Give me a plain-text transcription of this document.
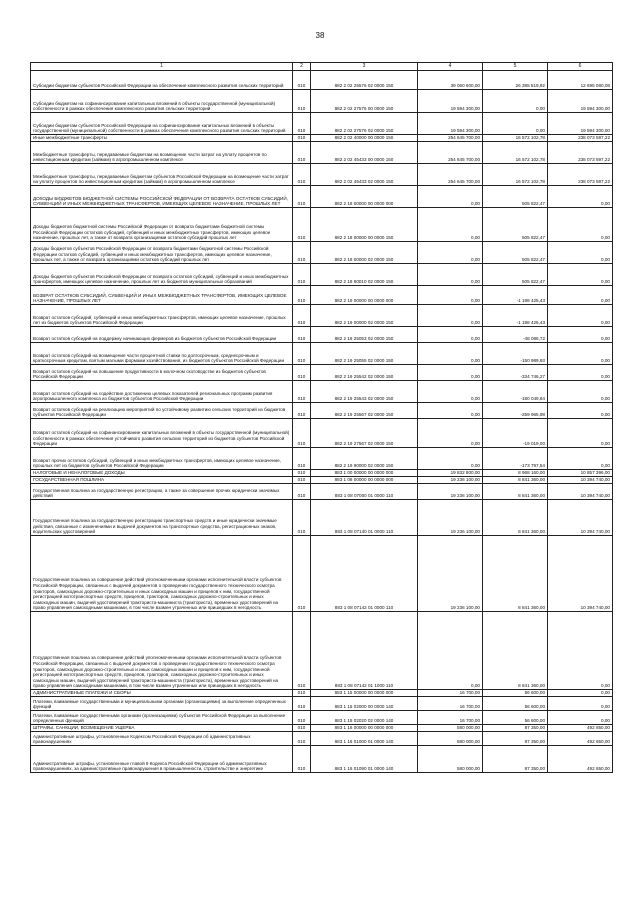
38
1	2	3	4	5	6
Субсидии бюджетам субъектов Российской Федерации на обеспечение комплексного развития сельских территорий	010	882 2 02 25576 02 0000 150	39 060 600,00	26 385 519,92	12 695 080,08
Субсидии бюджетам на софинансирование капитальных вложений в объекты государственной (муниципальной) собственности в рамках обеспечения комплексного развития сельских территорий	010	882 2 02 27576 00 0000 150	19 594 300,00	0,00	19 594 300,00
Субсидии бюджетам субъектов Российской Федерации на софинансирование капитальных вложений в объекты государственной (муниципальной) собственности в рамках обеспечения комплексного развития сельских территорий	010	882 2 02 27576 02 0000 150	19 594 300,00	0,00	19 594 300,00
Иные межбюджетные трансферты	010	882 2 02 40000 00 0000 150	254 645 700,00	16 572 102,78	238 073 597,22
Межбюджетные трансферты, передаваемые бюджетам на возмещение части затрат на уплату процентов по инвестиционным кредитам (займам) в агропромышленном комплексе	010	882 2 02 45433 00 0000 150	254 645 700,00	16 572 102,78	238 073 597,22
Межбюджетные трансферты, передаваемые бюджетам субъектов Российской Федерации на возмещение части затрат на уплату процентов по инвестиционным кредитам (займам) в агропромышленном комплексе	010	882 2 02 45433 02 0000 150	254 645 700,00	16 572 102,78	238 073 597,22
ДОХОДЫ БЮДЖЕТОВ БЮДЖЕТНОЙ СИСТЕМЫ РОССИЙСКОЙ ФЕДЕРАЦИИ ОТ ВОЗВРАТА ОСТАТКОВ СУБСИДИЙ, СУБВЕНЦИЙ И ИНЫХ МЕЖБЮДЖЕТНЫХ ТРАНСФЕРТОВ, ИМЕЮЩИХ ЦЕЛЕВОЕ НАЗНАЧЕНИЕ, ПРОШЛЫХ ЛЕТ	010	882 2 18 00000 00 0000 000	0,00	505 822,47	0,00
Доходы бюджетов бюджетной системы Российской Федерации от возврата бюджетами бюджетной системы Российской Федерации остатков субсидий, субвенций и иных межбюджетных трансфертов, имеющих целевое назначение, прошлых лет, а также от возврата организациями остатков субсидий прошлых лет	010	882 2 18 00000 00 0000 150	0,00	505 822,47	0,00
Доходы бюджетов субъектов Российской Федерации от возврата бюджетами бюджетной системы Российской Федерации остатков субсидий, субвенций и иных межбюджетных трансфертов, имеющих целевое назначение, прошлых лет, а также от возврата организациями остатков субсидий прошлых лет	010	882 2 18 00000 02 0000 150	0,00	505 822,47	0,00
Доходы бюджетов субъектов Российской Федерации от возврата остатков субсидий, субвенций и иных межбюджетных трансфертов, имеющих целевое назначение, прошлых лет из бюджетов муниципальных образований	010	882 2 18 60010 02 0000 150	0,00	505 822,47	0,00
ВОЗВРАТ ОСТАТКОВ СУБСИДИЙ, СУБВЕНЦИЙ И ИНЫХ МЕЖБЮДЖЕТНЫХ ТРАНСФЕРТОВ, ИМЕЮЩИХ ЦЕЛЕВОЕ НАЗНАЧЕНИЕ, ПРОШЛЫХ ЛЕТ	010	882 2 19 00000 00 0000 000	0,00	-1 198 425,43	0,00
Возврат остатков субсидий, субвенций и иных межбюджетных трансфертов, имеющих целевое назначение, прошлых лет из бюджетов субъектов Российской Федерации	010	882 2 19 00000 02 0000 150	0,00	-1 198 425,43	0,00
Возврат остатков субсидий на поддержку начинающих фермеров из бюджетов субъектов Российской Федерации	010	882 2 19 25053 02 0000 150	0,00	-48 086,72	0,00
Возврат остатков субсидий на возмещение части процентной ставки по долгосрочным, среднесрочным и краткосрочным кредитам, взятым малыми формами хозяйствования, из бюджетов субъектов Российской Федерации	010	882 2 19 25055 02 0000 150	0,00	-150 989,93	0,00
Возврат остатков субсидий на повышение продуктивности в молочном скотоводстве из бюджетов субъектов Российской Федерации	010	882 2 19 25542 02 0000 150	0,00	-334 746,27	0,00
Возврат остатков субсидий на содействие достижению целевых показателей региональных программ развития агропромышленного комплекса из бюджетов субъектов Российской Федерации	010	882 2 19 25543 02 0000 150	0,00	-180 049,84	0,00
Возврат остатков субсидий на реализацию мероприятий по устойчивому развитию сельских территорий из бюджетов субъектов Российской Федерации	010	882 2 19 25567 02 0000 150	0,00	-259 965,98	0,00
Возврат остатков субсидий на софинансирование капитальных вложений в объекты государственной (муниципальной) собственности в рамках обеспечения устойчивого развития сельских территорий из бюджетов субъектов Российской Федерации	010	882 2 19 27567 02 0000 150	0,00	-19 019,00	0,00
Возврат прочих остатков субсидий, субвенций и иных межбюджетных трансфертов, имеющих целевое назначение, прошлых лет из бюджетов субъектов Российской Федерации	010	882 2 19 90000 02 0000 150	0,00	-173 797,54	0,00
НАЛОГОВЫЕ И НЕНАЛОГОВЫЕ ДОХОДЫ	010	883 1 00 00000 00 0000 000	19 832 800,00	8 968 160,00	10 857 396,00
ГОСУДАРСТВЕННАЯ ПОШЛИНА	010	883 1 08 00000 00 0000 000	19 236 100,00	8 841 360,00	10 394 740,00
Государственная пошлина за государственную регистрацию, а также за совершение прочих юридически значимых действий	010	883 1 08 07000 01 0000 110	19 236 100,00	8 841 360,00	10 394 740,00
Государственная пошлина за государственную регистрацию транспортных средств и иные юридически значимые действия, связанные с изменениями и выдачей документов на транспортные средства, регистрационных знаков, водительских удостоверений	010	883 1 08 07140 01 0000 110	19 236 100,00	8 841 360,00	10 394 740,00
Государственная пошлина за совершение действий уполномоченными органами исполнительной власти субъектов Российской Федерации, связанных с выдачей документов о проведении государственного технического осмотра тракторов, самоходных дорожно-строительных и иных самоходных машин и прицепов к ним, государственной регистрацией мототранспортных средств, прицепов, тракторов, самоходных дорожно-строительных и иных самоходных машин, выдачей удостоверений тракториста-машиниста (тракториста), временных удостоверений на право управления самоходными машинами, в том числе взамен утраченных или пришедших в негодность	010	883 1 08 07142 01 0000 110	19 236 100,00	8 841 360,00	10 394 740,00
Государственная пошлина за совершение действий уполномоченными органами исполнительной власти субъектов Российской Федерации, связанных с выдачей документов о проведении государственного технического осмотра тракторов, самоходных дорожно-строительных и иных самоходных машин и прицепов к ним, государственной регистрацией мототранспортных средств, прицепов, тракторов, самоходных дорожно-строительных и иных самоходных машин, выдачей удостоверений тракториста-машиниста (тракториста), временных удостоверений на право управления самоходными машинами, в том числе взамен утраченных или пришедших в негодность	010	883 1 08 07142 01 1000 110	0,00	8 841 360,00	0,00
АДМИНИСТРАТИВНЫЕ ПЛАТЕЖИ И СБОРЫ	010	883 1 15 00000 00 0000 000	16 700,00	56 600,00	0,00
Платежи, взимаемые государственными и муниципальными органами (организациями) за выполнение определенных функций	010	883 1 15 02000 00 0000 140	16 700,00	56 600,00	0,00
Платежи, взимаемые государственными органами (организациями) субъектов Российской Федерации за выполнение определенных функций	010	883 1 15 02020 02 0000 140	16 700,00	56 600,00	0,00
ШТРАФЫ, САНКЦИИ, ВОЗМЕЩЕНИЕ УЩЕРБА	010	883 1 16 00000 00 0000 000	580 000,00	87 350,00	492 650,00
Административные штрафы, установленные Кодексом Российской Федерации об административных правонарушениях	010	883 1 16 01000 01 0000 140	580 000,00	87 350,00	492 650,00
Административные штрафы, установленные главой 9 Кодекса Российской Федерации об административных правонарушениях, за административные правонарушения в промышленности, строительстве и энергетике	010	883 1 16 01090 01 0000 140	580 000,00	87 350,00	492 650,00
